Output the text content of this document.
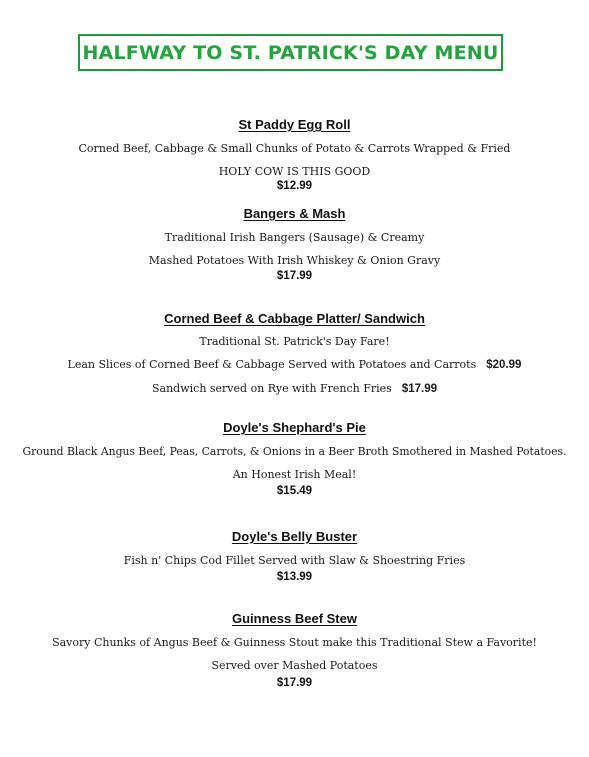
HALFWAY TO ST. PATRICK'S DAY MENU
St Paddy Egg Roll
Corned Beef, Cabbage & Small Chunks of Potato & Carrots Wrapped & Fried
HOLY COW IS THIS GOOD
$12.99
Bangers & Mash
Traditional Irish Bangers (Sausage) & Creamy
Mashed Potatoes With Irish Whiskey & Onion Gravy
$17.99
Corned Beef & Cabbage Platter/ Sandwich
Traditional St. Patrick's Day Fare!
Lean Slices of Corned Beef & Cabbage Served with Potatoes and Carrots $20.99
Sandwich served on Rye with French Fries $17.99
Doyle's Shephard's Pie
Ground Black Angus Beef, Peas, Carrots, & Onions in a Beer Broth Smothered in Mashed Potatoes.
An Honest Irish Meal!
$15.49
Doyle's Belly Buster
Fish n' Chips Cod Fillet Served with Slaw & Shoestring Fries
$13.99
Guinness Beef Stew
Savory Chunks of Angus Beef & Guinness Stout make this Traditional Stew a Favorite!
Served over Mashed Potatoes
$17.99
